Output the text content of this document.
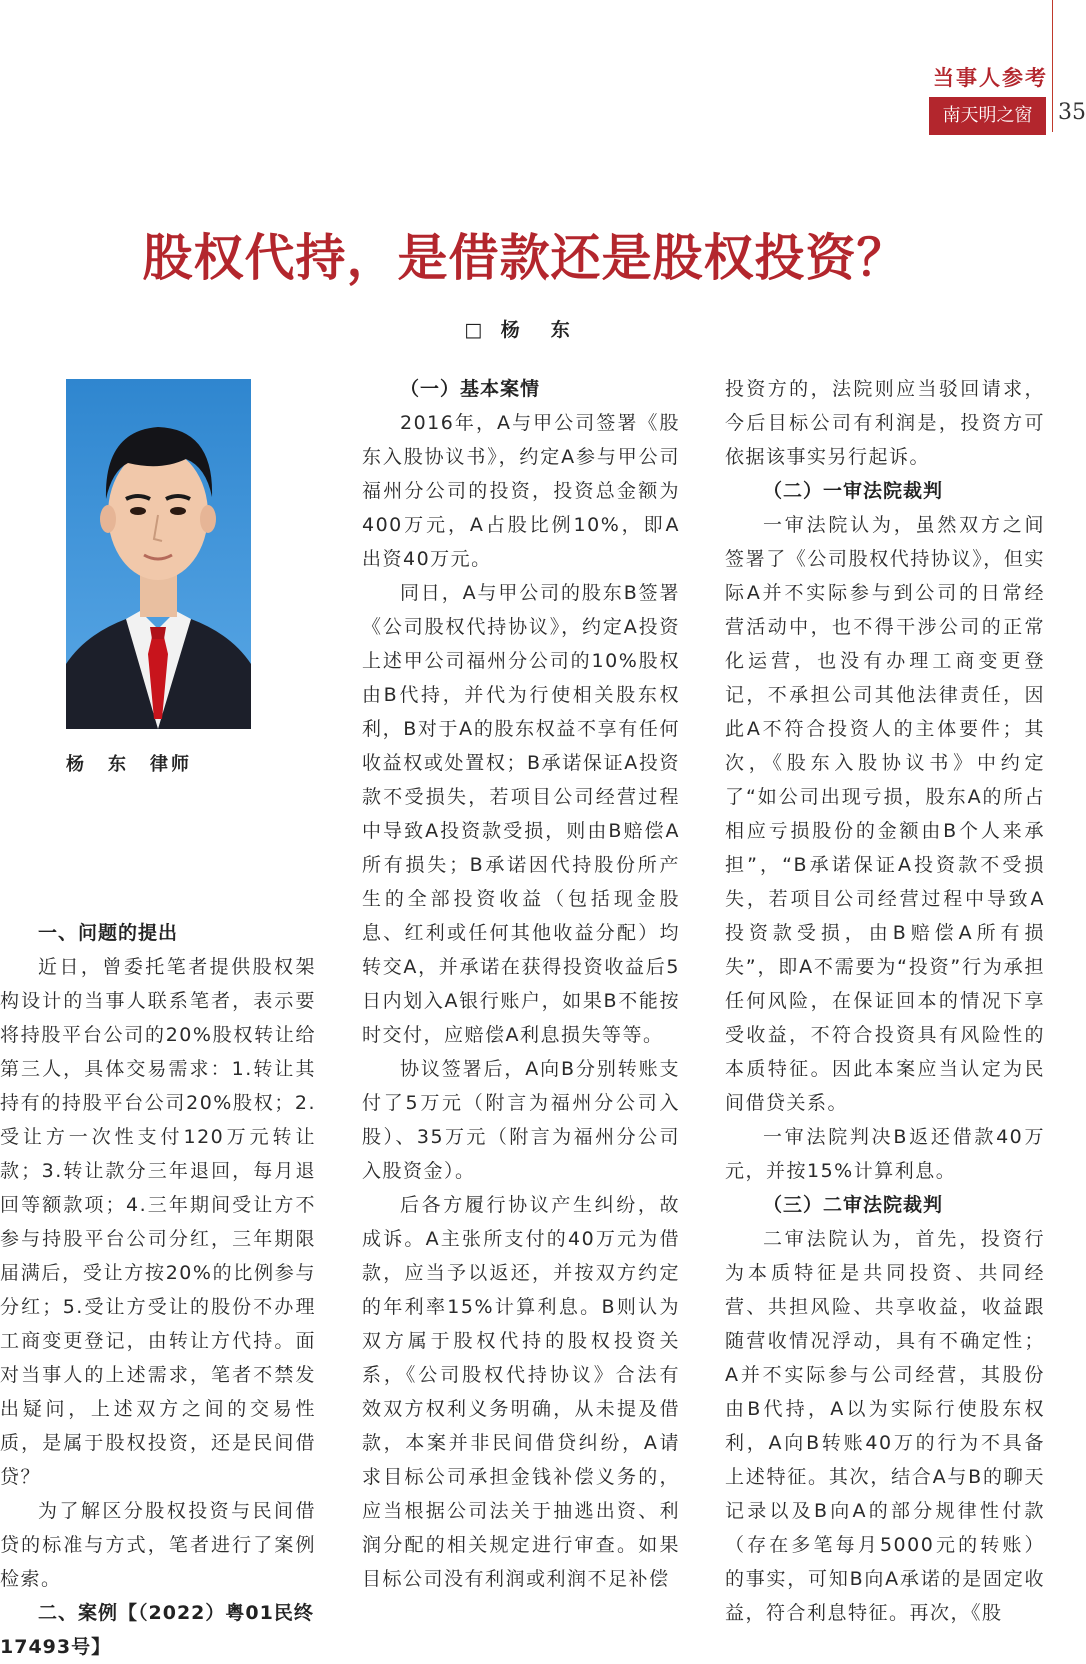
当事人参考
南天明之窗	35
股权代持，是借款还是股权投资？
□ 杨　东
杨　东　律师
一、问题的提出

近日，曾委托笔者提供股权架构设计的当事人联系笔者，表示要将持股平台公司的20%股权转让给第三人，具体交易需求：1.转让其持有的持股平台公司20%股权；2.受让方一次性支付120万元转让款；3.转让款分三年退回，每月退回等额款项；4.三年期间受让方不参与持股平台公司分红，三年期限届满后，受让方按20%的比例参与分红；5.受让方受让的股份不办理工商变更登记，由转让方代持。面对当事人的上述需求，笔者不禁发出疑问，上述双方之间的交易性质，是属于股权投资，还是民间借贷？

为了解区分股权投资与民间借贷的标准与方式，笔者进行了案例检索。

二、案例【（2022）粤01民终17493号】
（一）基本案情

2016年，A与甲公司签署《股东入股协议书》，约定A参与甲公司福州分公司的投资，投资总金额为400万元，A占股比例10%，即A出资40万元。

同日，A与甲公司的股东B签署《公司股权代持协议》，约定A投资上述甲公司福州分公司的10%股权由B代持，并代为行使相关股东权利，B对于A的股东权益不享有任何收益权或处置权；B承诺保证A投资款不受损失，若项目公司经营过程中导致A投资款受损，则由B赔偿A所有损失；B承诺因代持股份所产生的全部投资收益（包括现金股息、红利或任何其他收益分配）均转交A，并承诺在获得投资收益后5日内划入A银行账户，如果B不能按时交付，应赔偿A利息损失等等。

协议签署后，A向B分别转账支付了5万元（附言为福州分公司入股）、35万元（附言为福州分公司入股资金）。

后各方履行协议产生纠纷，故成诉。A主张所支付的40万元为借款，应当予以返还，并按双方约定的年利率15%计算利息。B则认为双方属于股权代持的股权投资关系，《公司股权代持协议》合法有效双方权利义务明确，从未提及借款，本案并非民间借贷纠纷，A请求目标公司承担金钱补偿义务的，应当根据公司法关于抽逃出资、利润分配的相关规定进行审查。如果目标公司没有利润或利润不足补偿

投资方的，法院则应当驳回请求，今后目标公司有利润是，投资方可依据该事实另行起诉。

（二）一审法院裁判

一审法院认为，虽然双方之间签署了《公司股权代持协议》，但实际A并不实际参与到公司的日常经营活动中，也不得干涉公司的正常化运营，也没有办理工商变更登记，不承担公司其他法律责任，因此A不符合投资人的主体要件；其次，《股东入股协议书》中约定了“如公司出现亏损，股东A的所占相应亏损股份的金额由B个人来承担”，“B承诺保证A投资款不受损失，若项目公司经营过程中导致A投资款受损，由B赔偿A所有损失”，即A不需要为“投资”行为承担任何风险，在保证回本的情况下享受收益，不符合投资具有风险性的本质特征。因此本案应当认定为民间借贷关系。

一审法院判决B返还借款40万元，并按15%计算利息。

（三）二审法院裁判

二审法院认为，首先，投资行为本质特征是共同投资、共同经营、共担风险、共享收益，收益跟随营收情况浮动，具有不确定性；A并不实际参与公司经营，其股份由B代持，A以为实际行使股东权利，A向B转账40万的行为不具备上述特征。其次，结合A与B的聊天记录以及B向A的部分规律性付款（存在多笔每月5000元的转账）的事实，可知B向A承诺的是固定收益，符合利息特征。再次，《股
